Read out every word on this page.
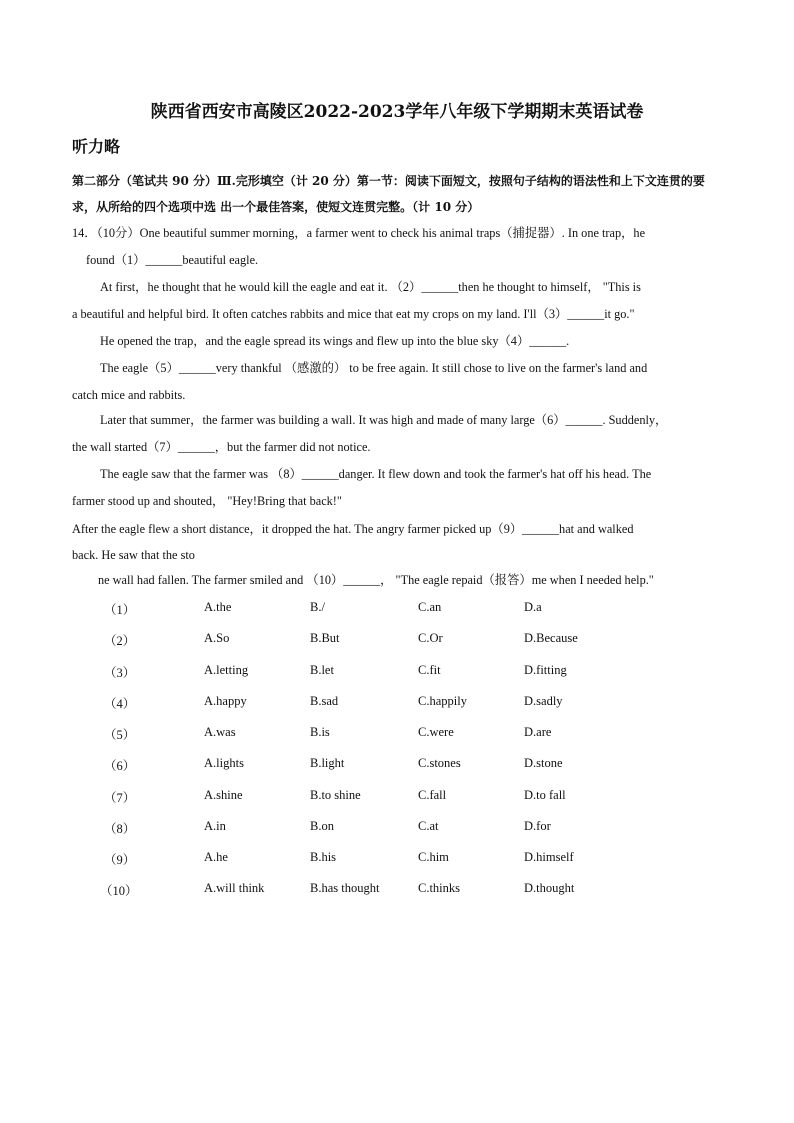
陕西省西安市高陵区2022-2023学年八年级下学期期末英语试卷
听力略
第二部分（笔试共 90 分）Ⅲ.完形填空（计 20 分）第一节：阅读下面短文，按照句子结构的语法性和上下文连贯的要求，从所给的四个选项中选 出一个最佳答案，使短文连贯完整。（计 10 分）
14．（10分）One beautiful summer morning，a farmer went to check his animal traps（捕捉器）. In one trap，he
found（1）______beautiful eagle.
At first，he thought that he would kill the eagle and eat it. （2）______then he thought to himself， "This is
a beautiful and helpful bird. It often catches rabbits and mice that eat my crops on my land. I'll（3）______it go."
He opened the trap，and the eagle spread its wings and flew up into the blue sky（4）______.
The eagle（5）______very thankful （感激的） to be free again. It still chose to live on the farmer's land and
catch mice and rabbits.
Later that summer，the farmer was building a wall. It was high and made of many large（6）______. Suddenly，
the wall started（7）______，but the farmer did not notice.
The eagle saw that the farmer was （8）______danger. It flew down and took the farmer's hat off his head. The
farmer stood up and shouted， "Hey!Bring that back!"
After the eagle flew a short distance，it dropped the hat. The angry farmer picked up（9）______hat and walked
back. He saw that the sto
ne wall had fallen. The farmer smiled and （10）______， "The eagle repaid（报答）me when I needed help."
（1）	A.the	B./	C.an	D.a
（2）	A.So	B.But	C.Or	D.Because
（3）	A.letting	B.let	C.fit	D.fitting
（4）	A.happy	B.sad	C.happily	D.sadly
（5）	A.was	B.is	C.were	D.are
（6）	A.lights	B.light	C.stones	D.stone
（7）	A.shine	B.to shine	C.fall	D.to fall
（8）	A.in	B.on	C.at	D.for
（9）	A.he	B.his	C.him	D.himself
（10）	A.will think	B.has thought	C.thinks	D.thought
